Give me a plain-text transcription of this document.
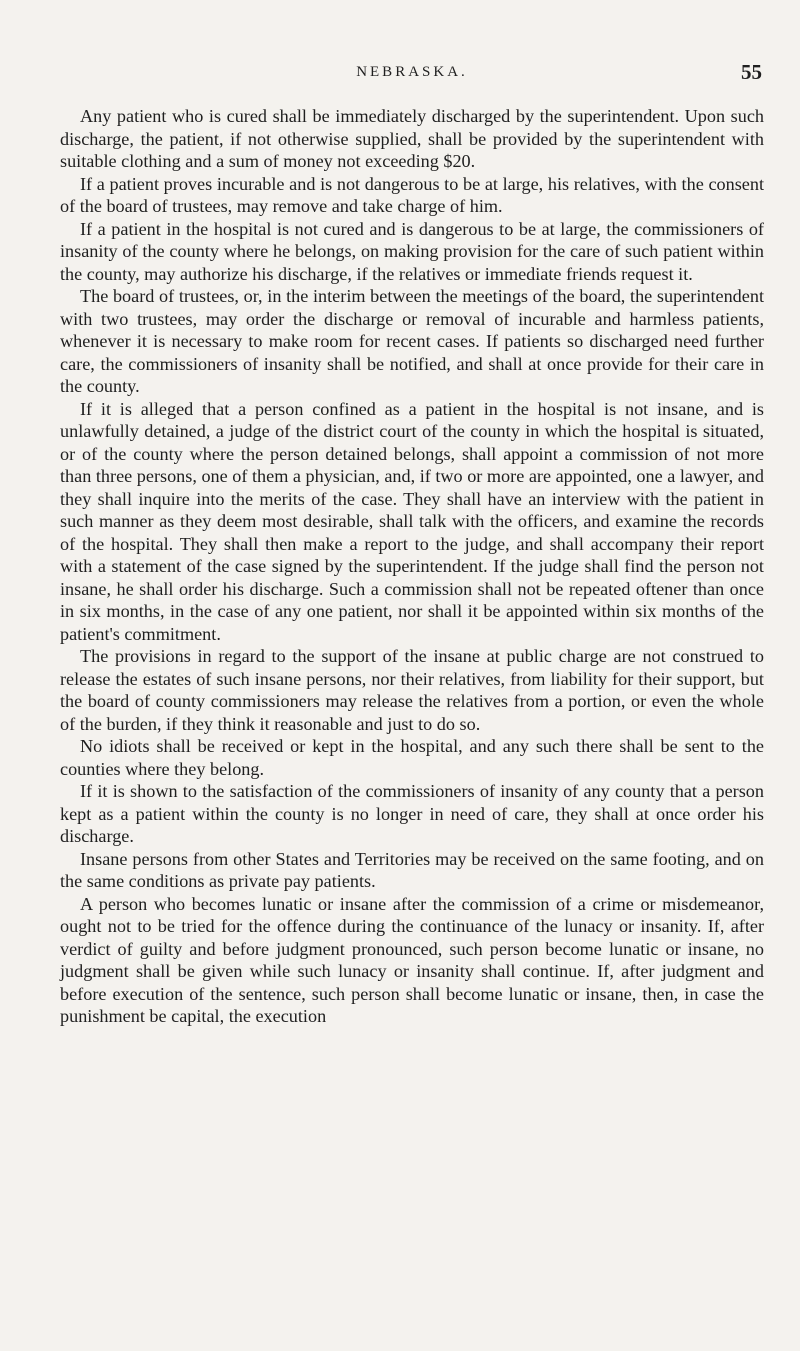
NEBRASKA.	55

Any patient who is cured shall be immediately discharged by the superintendent. Upon such discharge, the patient, if not otherwise supplied, shall be provided by the superintendent with suitable clothing and a sum of money not exceeding $20.

If a patient proves incurable and is not dangerous to be at large, his relatives, with the consent of the board of trustees, may remove and take charge of him.

If a patient in the hospital is not cured and is dangerous to be at large, the commissioners of insanity of the county where he belongs, on making provision for the care of such patient within the county, may authorize his discharge, if the relatives or immediate friends request it.

The board of trustees, or, in the interim between the meetings of the board, the superintendent with two trustees, may order the discharge or removal of incurable and harmless patients, whenever it is necessary to make room for recent cases. If patients so discharged need further care, the commissioners of insanity shall be notified, and shall at once provide for their care in the county.

If it is alleged that a person confined as a patient in the hospital is not insane, and is unlawfully detained, a judge of the district court of the county in which the hospital is situated, or of the county where the person detained belongs, shall appoint a commission of not more than three persons, one of them a physician, and, if two or more are appointed, one a lawyer, and they shall inquire into the merits of the case. They shall have an interview with the patient in such manner as they deem most desirable, shall talk with the officers, and examine the records of the hospital. They shall then make a report to the judge, and shall accompany their report with a statement of the case signed by the superintendent. If the judge shall find the person not insane, he shall order his discharge. Such a commission shall not be repeated oftener than once in six months, in the case of any one patient, nor shall it be appointed within six months of the patient's commitment.

The provisions in regard to the support of the insane at public charge are not construed to release the estates of such insane persons, nor their relatives, from liability for their support, but the board of county commissioners may release the relatives from a portion, or even the whole of the burden, if they think it reasonable and just to do so.

No idiots shall be received or kept in the hospital, and any such there shall be sent to the counties where they belong.

If it is shown to the satisfaction of the commissioners of insanity of any county that a person kept as a patient within the county is no longer in need of care, they shall at once order his discharge.

Insane persons from other States and Territories may be received on the same footing, and on the same conditions as private pay patients.

A person who becomes lunatic or insane after the commission of a crime or misdemeanor, ought not to be tried for the offence during the continuance of the lunacy or insanity. If, after verdict of guilty and before judgment pronounced, such person become lunatic or insane, no judgment shall be given while such lunacy or insanity shall continue. If, after judgment and before execution of the sentence, such person shall become lunatic or insane, then, in case the punishment be capital, the execution
